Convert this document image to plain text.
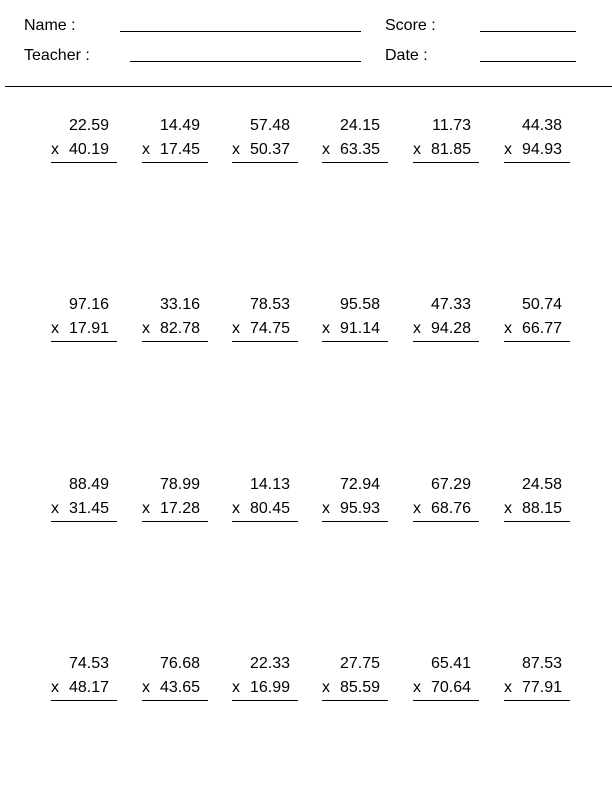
Name :	Score :
Teacher :	Date :
22.59
x 40.19
14.49
x 17.45
57.48
x 50.37
24.15
x 63.35
11.73
x 81.85
44.38
x 94.93
97.16
x 17.91
33.16
x 82.78
78.53
x 74.75
95.58
x 91.14
47.33
x 94.28
50.74
x 66.77
88.49
x 31.45
78.99
x 17.28
14.13
x 80.45
72.94
x 95.93
67.29
x 68.76
24.58
x 88.15
74.53
x 48.17
76.68
x 43.65
22.33
x 16.99
27.75
x 85.59
65.41
x 70.64
87.53
x 77.91
